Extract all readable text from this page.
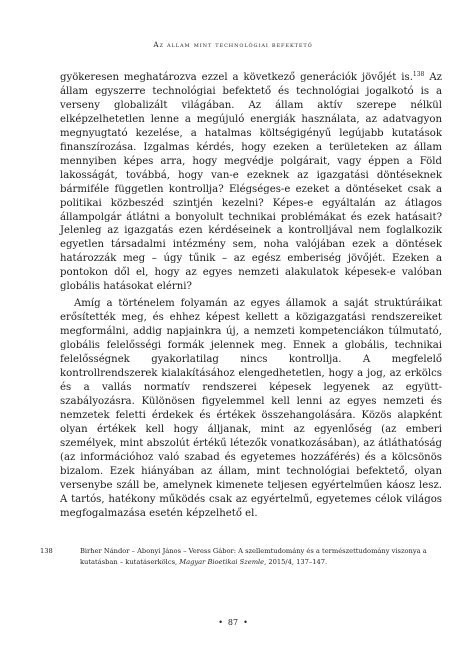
Az állam mint technológiai befektető

gyökeresen meghatározva ezzel a következő generációk jövőjét is.$^{138}$ Az állam egyszerre technológiai befektető és technológiai jogalkotó is a verseny globalizált világában. Az állam aktív szerepe nélkül elképzelhetetlen lenne a megújuló energiák használata, az adatvagyon megnyugtató kezelése, a hatalmas költségigényű legújabb kutatások finanszírozása. Izgalmas kérdés, hogy ezeken a területeken az állam mennyiben képes arra, hogy megvédje polgárait, vagy éppen a Föld lakosságát, továbbá, hogy van-e ezeknek az igazgatási döntéseknek bármiféle független kontrollja? Elégséges-e ezeket a döntéseket csak a politikai közbeszéd szintjén kezelni? Képes-e egyáltalán az átlagos állampolgár átlátni a bonyolult technikai problémákat és ezek hatásait? Jelenleg az igazgatás ezen kérdéseinek a kontrolljával nem foglalkozik egyetlen társadalmi intézmény sem, noha valójában ezek a döntések határozzák meg – úgy tűnik – az egész emberiség jövőjét. Ezeken a pontokon dől el, hogy az egyes nemzeti alakulatok képesek-e valóban globális hatásokat elérni?

Amíg a történelem folyamán az egyes államok a saját struktúráikat erősítették meg, és ehhez képest kellett a közigazgatási rendszereiket megformálni, addig napjainkra új, a nemzeti kompetenciákon túlmutató, globális felelősségi formák jelennek meg. Ennek a globális, technikai felelősségnek gyakorlatilag nincs kontrollja. A megfelelő kontrollrendszerek kialakításához elengedhetetlen, hogy a jog, az erkölcs és a vallás normatív rendszerei képesek legyenek az együtt-szabályozásra. Különösen figyelemmel kell lenni az egyes nemzeti és nemzetek feletti érdekek és értékek összehangolására. Közös alapként olyan értékek kell hogy álljanak, mint az egyenlőség (az emberi személyek, mint abszolút értékű létezők vonatkozásában), az átláthatóság (az információhoz való szabad és egyetemes hozzáférés) és a kölcsönös bizalom. Ezek hiányában az állam, mint technológiai befektető, olyan versenybe száll be, amelynek kimenete teljesen egyértelműen káosz lesz. A tartós, hatékony működés csak az egyértelmű, egyetemes célok világos megfogalmazása esetén képzelhető el.

138	Birher Nándor – Abonyi János – Veress Gábor: A szellemtudomány és a természettudomány viszonya a kutatásban – kutatáserkölcs, Magyar Bioetikai Szemle, 2015/4, 137–147.
• 87 •
